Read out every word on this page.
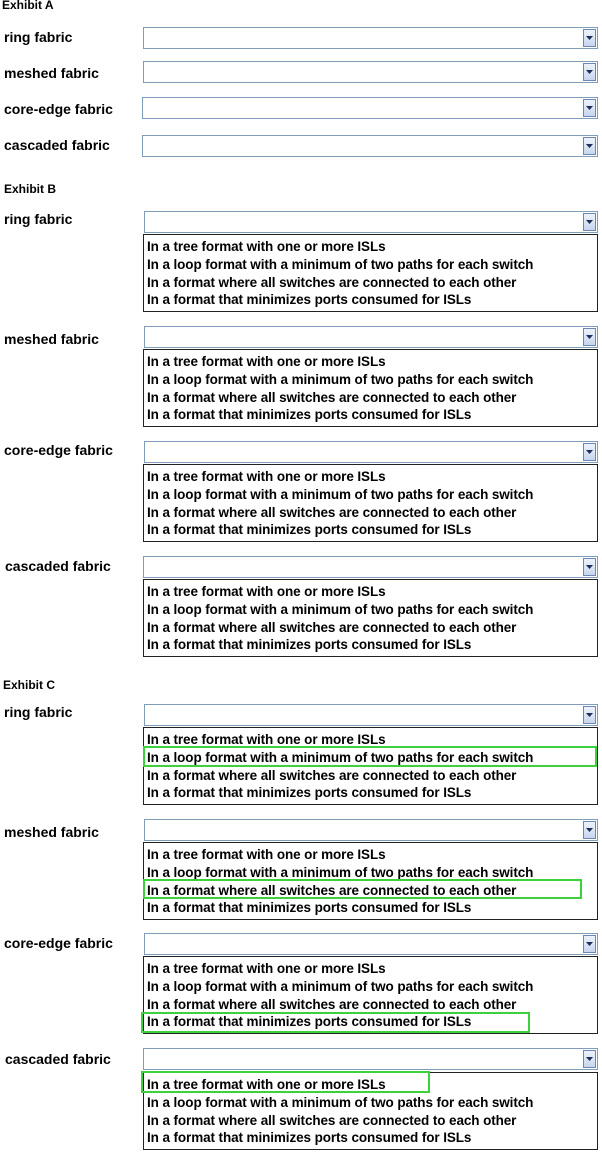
Exhibit A
ring fabric
meshed fabric
core-edge fabric
cascaded fabric
Exhibit B
ring fabric
In a tree format with one or more ISLs
In a loop format with a minimum of two paths for each switch
In a format where all switches are connected to each other
In a format that minimizes ports consumed for ISLs
meshed fabric
In a tree format with one or more ISLs
In a loop format with a minimum of two paths for each switch
In a format where all switches are connected to each other
In a format that minimizes ports consumed for ISLs
core-edge fabric
In a tree format with one or more ISLs
In a loop format with a minimum of two paths for each switch
In a format where all switches are connected to each other
In a format that minimizes ports consumed for ISLs
cascaded fabric
In a tree format with one or more ISLs
In a loop format with a minimum of two paths for each switch
In a format where all switches are connected to each other
In a format that minimizes ports consumed for ISLs
Exhibit C
ring fabric
In a tree format with one or more ISLs
In a loop format with a minimum of two paths for each switch
In a format where all switches are connected to each other
In a format that minimizes ports consumed for ISLs
meshed fabric
In a tree format with one or more ISLs
In a loop format with a minimum of two paths for each switch
In a format where all switches are connected to each other
In a format that minimizes ports consumed for ISLs
core-edge fabric
In a tree format with one or more ISLs
In a loop format with a minimum of two paths for each switch
In a format where all switches are connected to each other
In a format that minimizes ports consumed for ISLs
cascaded fabric
In a tree format with one or more ISLs
In a loop format with a minimum of two paths for each switch
In a format where all switches are connected to each other
In a format that minimizes ports consumed for ISLs
